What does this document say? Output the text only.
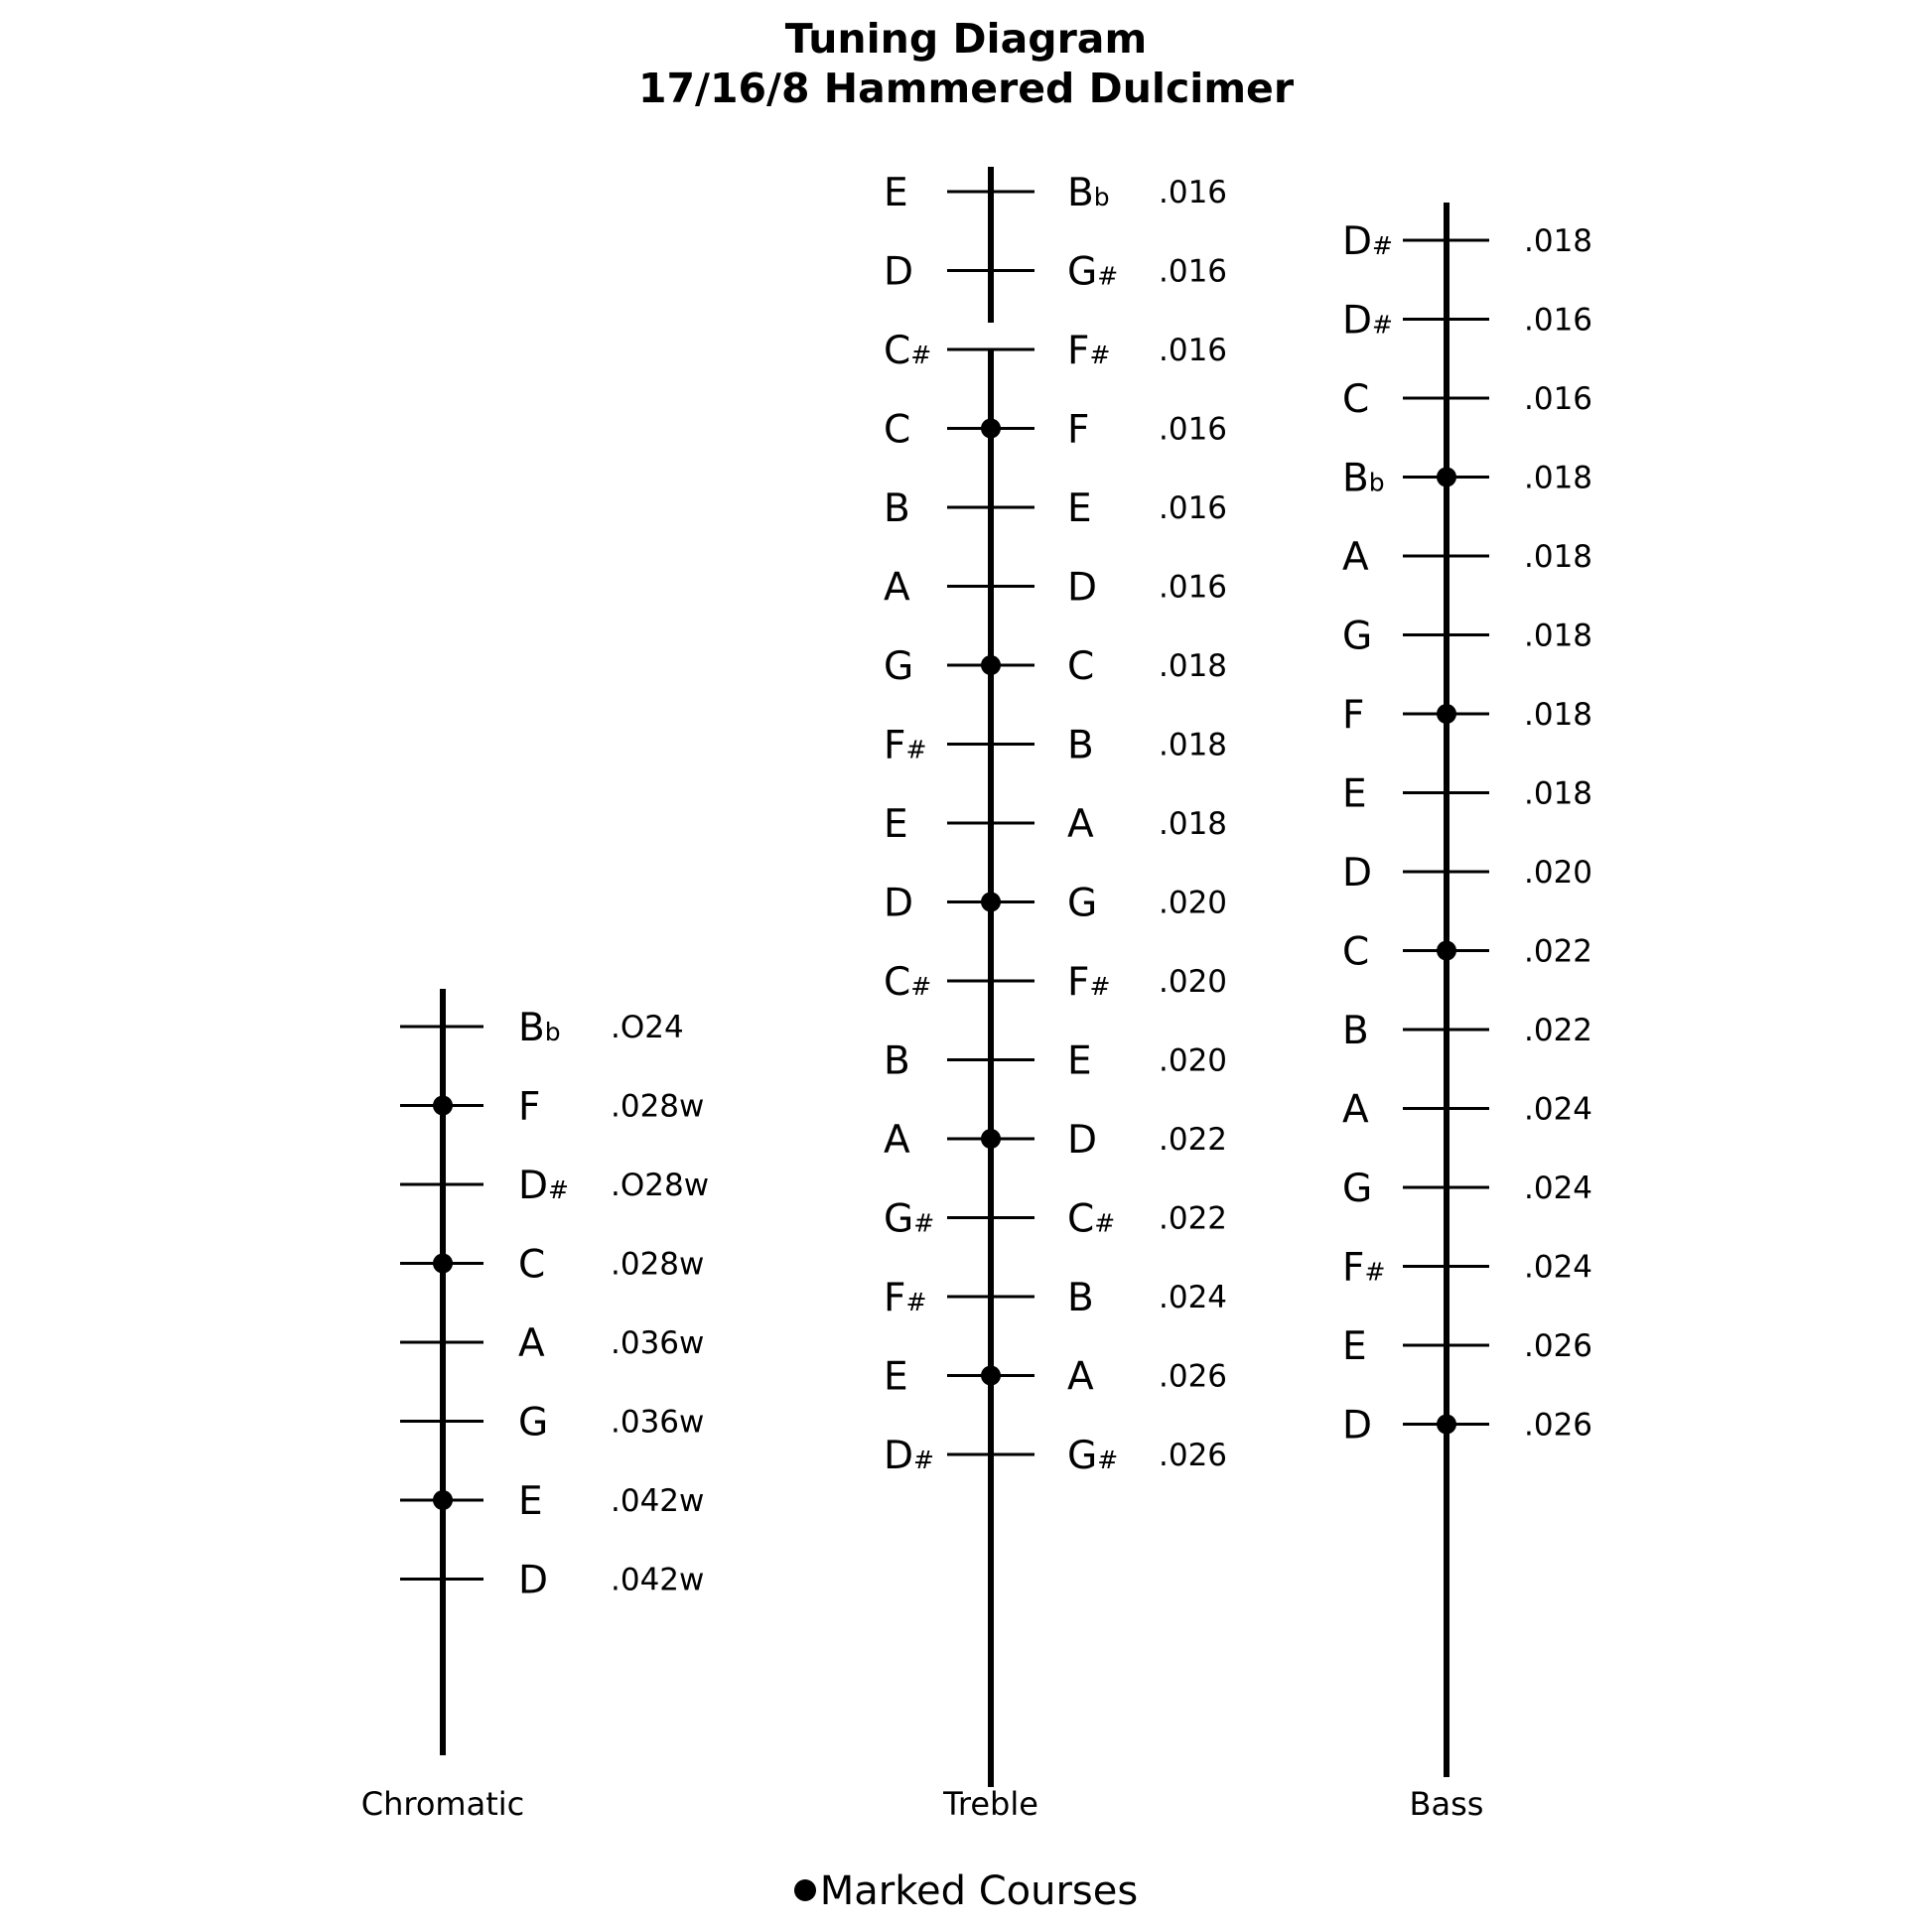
Tuning Diagram
17/16/8 Hammered Dulcimer
Bb .O24
F .028w
D# .O28w
C .028w
A .036w
G .036w
E .042w
D .042w
Chromatic
E	Bb .016
D	G# .016
C#	F# .016
C	F .016
B	E .016
A	D .016
G	C .018
F#	B .018
E	A .018
D	G .020
C#	F# .020
B	E .020
A	D .022
G#	C# .022
F#	B .024
E	A .026
D#	G# .026
Treble
D#	.018
D#	.016
C	.016
Bb	.018
A	.018
G	.018
F	.018
E	.018
D	.020
C	.022
B	.022
A	.024
G	.024
F#	.024
E	.026
D	.026
Bass
Marked Courses
